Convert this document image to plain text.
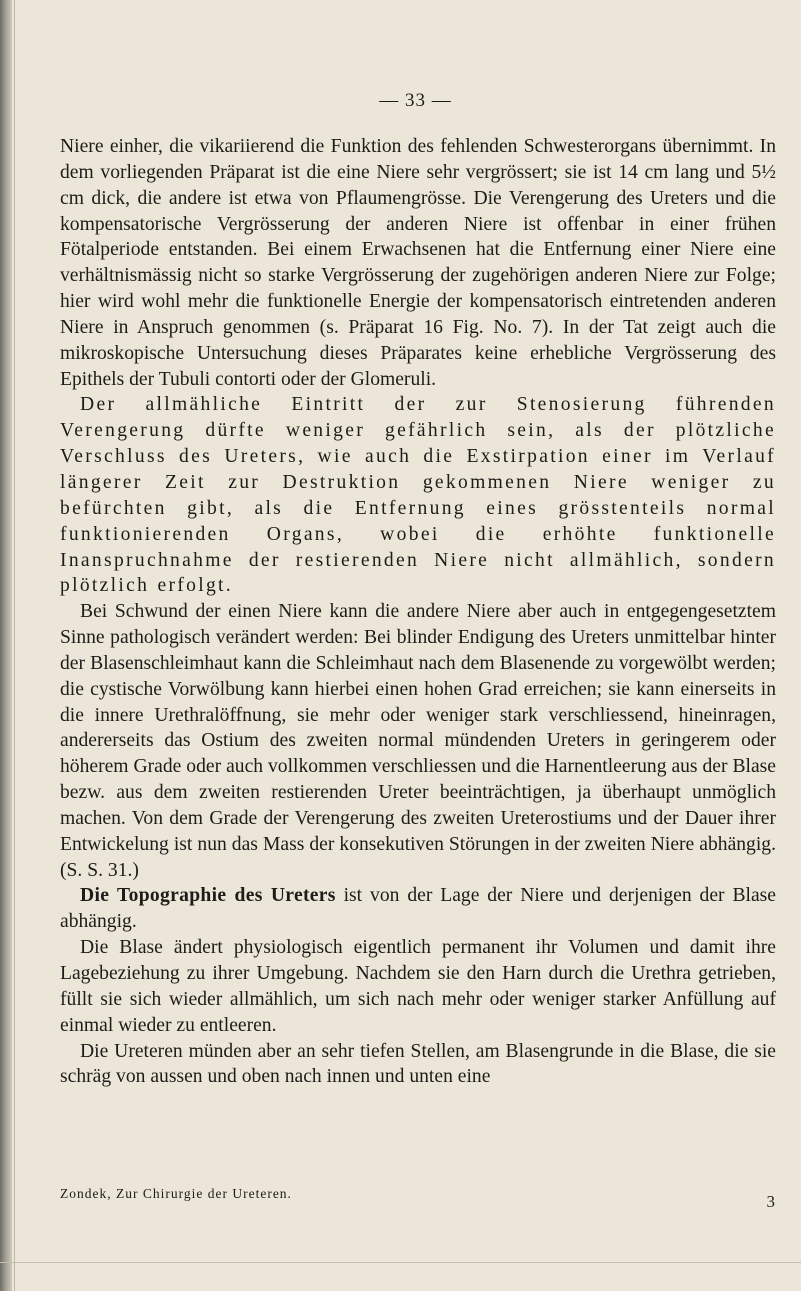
— 33 —

Niere einher, die vikariierend die Funktion des fehlenden Schwesterorgans übernimmt. In dem vorliegenden Präparat ist die eine Niere sehr vergrössert; sie ist 14 cm lang und 5½ cm dick, die andere ist etwa von Pflaumengrösse. Die Verengerung des Ureters und die kompensatorische Vergrösserung der anderen Niere ist offenbar in einer frühen Fötalperiode entstanden. Bei einem Erwachsenen hat die Entfernung einer Niere eine verhältnismässig nicht so starke Vergrösserung der zugehörigen anderen Niere zur Folge; hier wird wohl mehr die funktionelle Energie der kompensatorisch eintretenden anderen Niere in Anspruch genommen (s. Präparat 16 Fig. No. 7). In der Tat zeigt auch die mikroskopische Untersuchung dieses Präparates keine erhebliche Vergrösserung des Epithels der Tubuli contorti oder der Glomeruli.

Der allmähliche Eintritt der zur Stenosierung führenden Verengerung dürfte weniger gefährlich sein, als der plötzliche Verschluss des Ureters, wie auch die Exstirpation einer im Verlauf längerer Zeit zur Destruktion gekommenen Niere weniger zu befürchten gibt, als die Entfernung eines grösstenteils normal funktionierenden Organs, wobei die erhöhte funktionelle Inanspruchnahme der restierenden Niere nicht allmählich, sondern plötzlich erfolgt.

Bei Schwund der einen Niere kann die andere Niere aber auch in entgegengesetztem Sinne pathologisch verändert werden: Bei blinder Endigung des Ureters unmittelbar hinter der Blasenschleimhaut kann die Schleimhaut nach dem Blasenende zu vorgewölbt werden; die cystische Vorwölbung kann hierbei einen hohen Grad erreichen; sie kann einerseits in die innere Urethralöffnung, sie mehr oder weniger stark verschliessend, hineinragen, andererseits das Ostium des zweiten normal mündenden Ureters in geringerem oder höherem Grade oder auch vollkommen verschliessen und die Harnentleerung aus der Blase bezw. aus dem zweiten restierenden Ureter beeinträchtigen, ja überhaupt unmöglich machen. Von dem Grade der Verengerung des zweiten Ureterostiums und der Dauer ihrer Entwickelung ist nun das Mass der konsekutiven Störungen in der zweiten Niere abhängig. (S. S. 31.)

Die Topographie des Ureters ist von der Lage der Niere und derjenigen der Blase abhängig.

Die Blase ändert physiologisch eigentlich permanent ihr Volumen und damit ihre Lagebeziehung zu ihrer Umgebung. Nachdem sie den Harn durch die Urethra getrieben, füllt sie sich wieder allmählich, um sich nach mehr oder weniger starker Anfüllung auf einmal wieder zu entleeren.

Die Ureteren münden aber an sehr tiefen Stellen, am Blasengrunde in die Blase, die sie schräg von aussen und oben nach innen und unten eine

Zondek, Zur Chirurgie der Ureteren.	3
